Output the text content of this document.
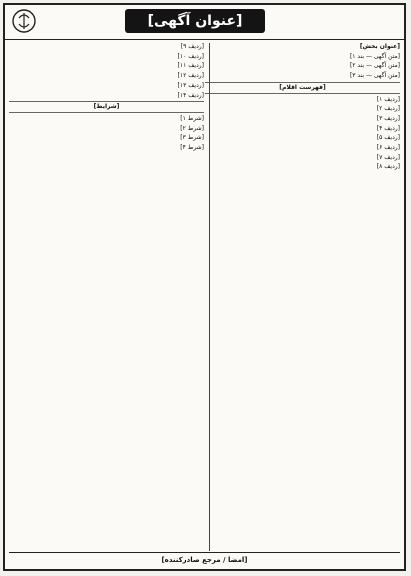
[عنوان آگهی]
[عنوان بخش]
[متن آگهی — بند ۱]
[متن آگهی — بند ۲]
[متن آگهی — بند ۳]
[فهرست اقلام]
[ردیف ۱]
[ردیف ۲]
[ردیف ۳]
[ردیف ۴]
[ردیف ۵]
[ردیف ۶]
[ردیف ۷]
[ردیف ۸]
[ردیف ۹]
[ردیف ۱۰]
[ردیف ۱۱]
[ردیف ۱۲]
[ردیف ۱۳]
[ردیف ۱۴]
[شرایط]
[شرط ۱]
[شرط ۲]
[شرط ۳]
[شرط ۴]
[امضا / مرجع صادرکننده]
